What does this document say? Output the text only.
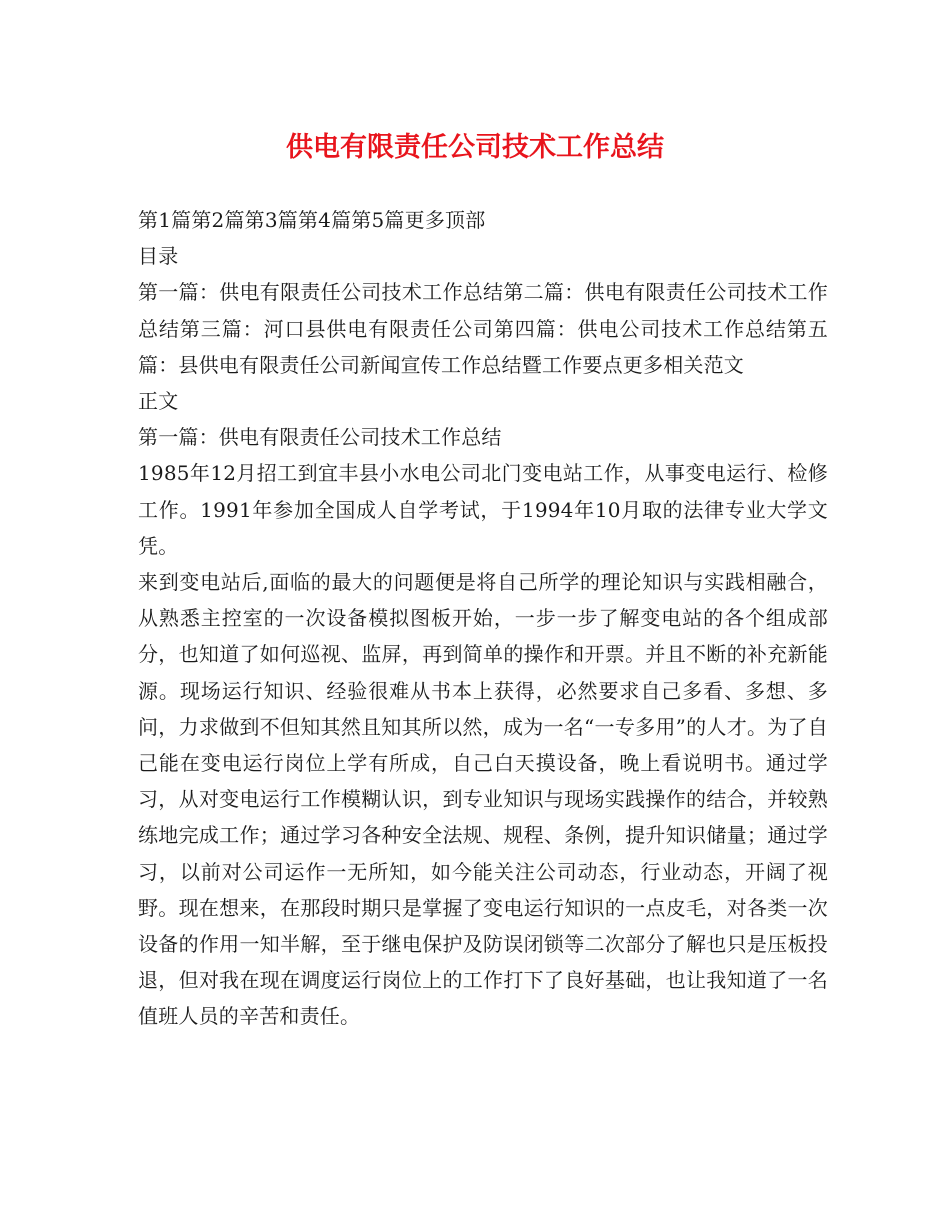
供电有限责任公司技术工作总结

第1篇第2篇第3篇第4篇第5篇更多顶部

目录

第一篇：供电有限责任公司技术工作总结第二篇：供电有限责任公司技术工作总结第三篇：河口县供电有限责任公司第四篇：供电公司技术工作总结第五篇：县供电有限责任公司新闻宣传工作总结暨工作要点更多相关范文

正文

第一篇：供电有限责任公司技术工作总结

1985年12月招工到宜丰县小水电公司北门变电站工作，从事变电运行、检修工作。1991年参加全国成人自学考试，于1994年10月取的法律专业大学文凭。

来到变电站后,面临的最大的问题便是将自己所学的理论知识与实践相融合，从熟悉主控室的一次设备模拟图板开始，一步一步了解变电站的各个组成部分，也知道了如何巡视、监屏，再到简单的操作和开票。并且不断的补充新能源。现场运行知识、经验很难从书本上获得，必然要求自己多看、多想、多问，力求做到不但知其然且知其所以然，成为一名“一专多用”的人才。为了自己能在变电运行岗位上学有所成，自己白天摸设备，晚上看说明书。通过学习，从对变电运行工作模糊认识，到专业知识与现场实践操作的结合，并较熟练地完成工作；通过学习各种安全法规、规程、条例，提升知识储量；通过学习，以前对公司运作一无所知，如今能关注公司动态，行业动态，开阔了视野。现在想来，在那段时期只是掌握了变电运行知识的一点皮毛，对各类一次设备的作用一知半解，至于继电保护及防误闭锁等二次部分了解也只是压板投退，但对我在现在调度运行岗位上的工作打下了良好基础，也让我知道了一名值班人员的辛苦和责任。
